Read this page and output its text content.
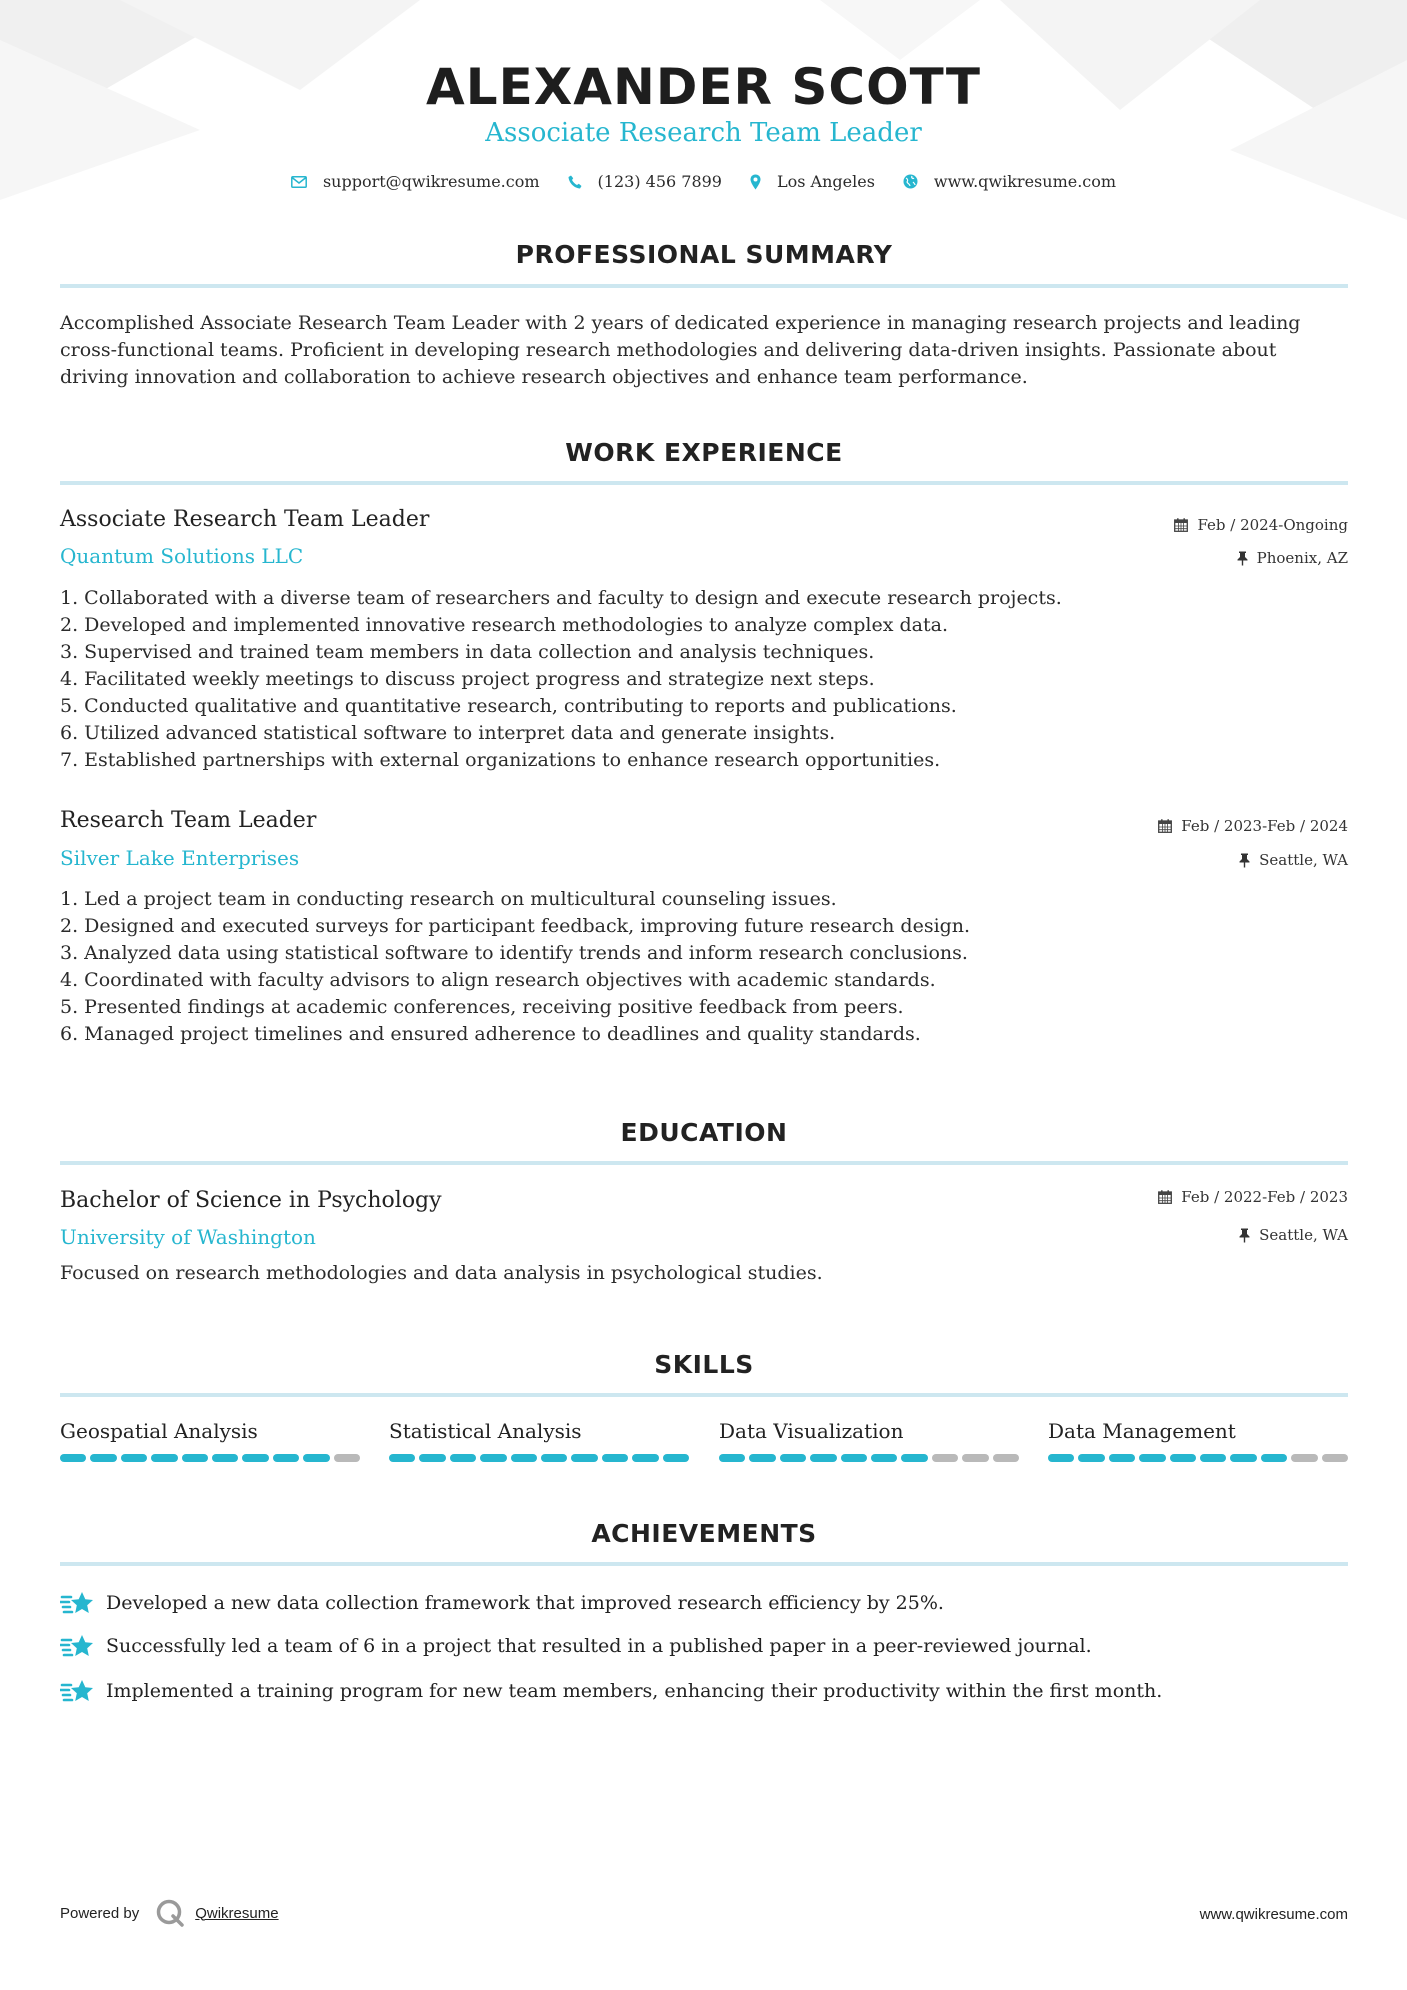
ALEXANDER SCOTT
Associate Research Team Leader
support@qwikresume.com	(123) 456 7899	Los Angeles	www.qwikresume.com
PROFESSIONAL SUMMARY
Accomplished Associate Research Team Leader with 2 years of dedicated experience in managing research projects and leading cross-functional teams. Proficient in developing research methodologies and delivering data-driven insights. Passionate about driving innovation and collaboration to achieve research objectives and enhance team performance.
WORK EXPERIENCE
Associate Research Team Leader
Quantum Solutions LLC
Feb / 2024-Ongoing
Phoenix, AZ
1. Collaborated with a diverse team of researchers and faculty to design and execute research projects.
2. Developed and implemented innovative research methodologies to analyze complex data.
3. Supervised and trained team members in data collection and analysis techniques.
4. Facilitated weekly meetings to discuss project progress and strategize next steps.
5. Conducted qualitative and quantitative research, contributing to reports and publications.
6. Utilized advanced statistical software to interpret data and generate insights.
7. Established partnerships with external organizations to enhance research opportunities.
Research Team Leader
Silver Lake Enterprises
Feb / 2023-Feb / 2024
Seattle, WA
1. Led a project team in conducting research on multicultural counseling issues.
2. Designed and executed surveys for participant feedback, improving future research design.
3. Analyzed data using statistical software to identify trends and inform research conclusions.
4. Coordinated with faculty advisors to align research objectives with academic standards.
5. Presented findings at academic conferences, receiving positive feedback from peers.
6. Managed project timelines and ensured adherence to deadlines and quality standards.
EDUCATION
Bachelor of Science in Psychology
University of Washington
Feb / 2022-Feb / 2023
Seattle, WA
Focused on research methodologies and data analysis in psychological studies.
SKILLS
Geospatial Analysis	Statistical Analysis	Data Visualization	Data Management
ACHIEVEMENTS
Developed a new data collection framework that improved research efficiency by 25%.
Successfully led a team of 6 in a project that resulted in a published paper in a peer-reviewed journal.
Implemented a training program for new team members, enhancing their productivity within the first month.
Powered by	Qwikresume	www.qwikresume.com
